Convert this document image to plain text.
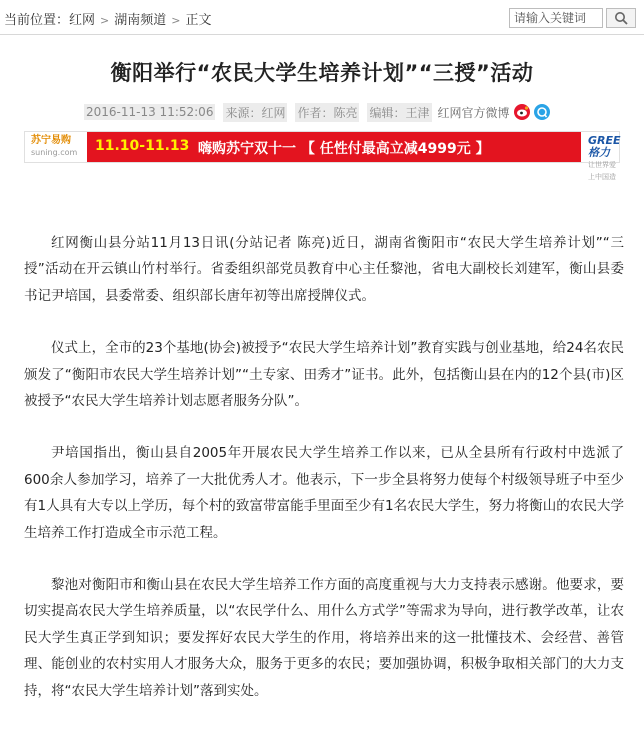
当前位置：红网 > 湖南频道 > 正文	请输入关键词
衡阳举行“农民大学生培养计划”“三授”活动
2016-11-13 11:52:06 来源：红网 作者：陈亮 编辑：王津 红网官方微博
苏宁易购
suning.com 11.10-11.13 嗨购苏宁双十一 【 任性付最高立减4999元 】
GREE格力
让世界爱上中国造

红网衡山县分站11月13日讯(分站记者 陈亮)近日，湖南省衡阳市“农民大学生培养计划”“三授”活动在开云镇山竹村举行。省委组织部党员教育中心主任黎池，省电大副校长刘建军，衡山县委书记尹培国，县委常委、组织部长唐年初等出席授牌仪式。

仪式上，全市的23个基地(协会)被授予“农民大学生培养计划”教育实践与创业基地，给24名农民颁发了“衡阳市农民大学生培养计划”“土专家、田秀才”证书。此外，包括衡山县在内的12个县(市)区被授予“农民大学生培养计划志愿者服务分队”。

尹培国指出，衡山县自2005年开展农民大学生培养工作以来，已从全县所有行政村中选派了600余人参加学习，培养了一大批优秀人才。他表示，下一步全县将努力使每个村级领导班子中至少有1人具有大专以上学历，每个村的致富带富能手里面至少有1名农民大学生，努力将衡山的农民大学生培养工作打造成全市示范工程。

黎池对衡阳市和衡山县在农民大学生培养工作方面的高度重视与大力支持表示感谢。他要求，要切实提高农民大学生培养质量，以“农民学什么、用什么方式学”等需求为导向，进行教学改革，让农民大学生真正学到知识；要发挥好农民大学生的作用，将培养出来的这一批懂技术、会经营、善管理、能创业的农村实用人才服务大众，服务于更多的农民；要加强协调，积极争取相关部门的大力支持，将“农民大学生培养计划”落到实处。
